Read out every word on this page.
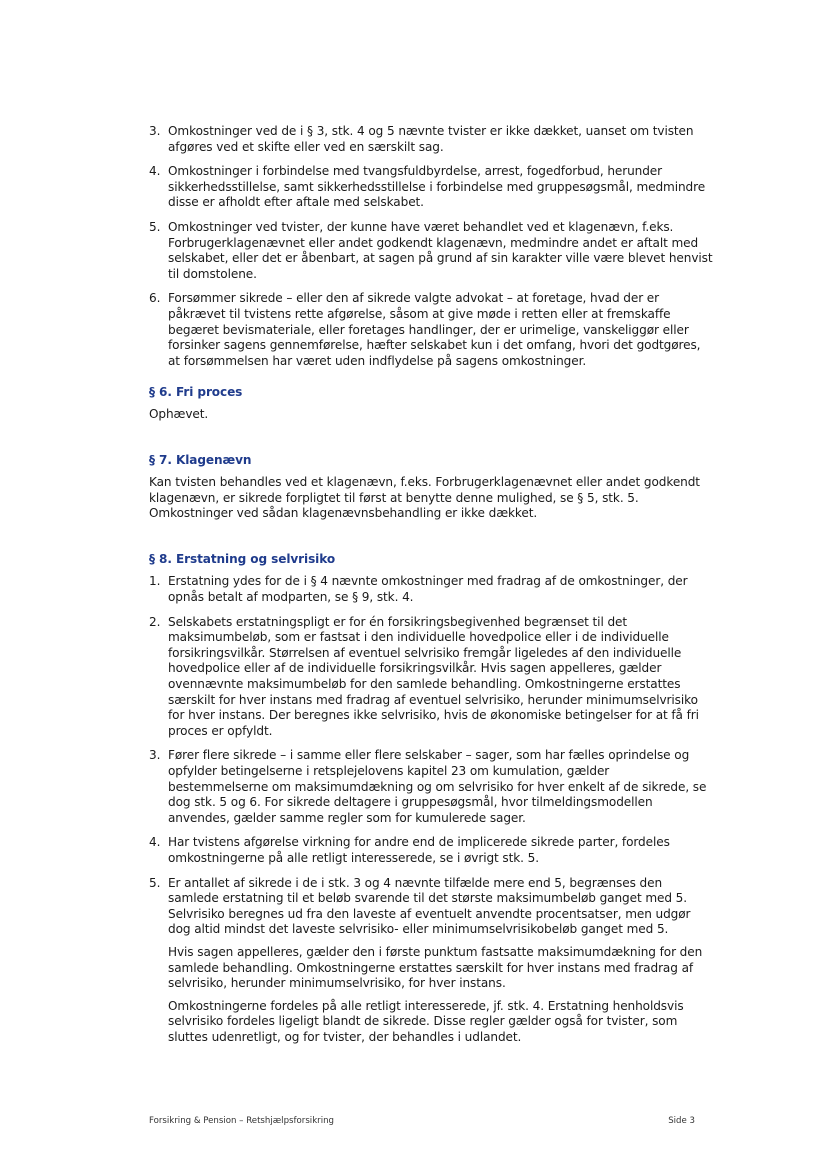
3. Omkostninger ved de i § 3, stk. 4 og 5 nævnte tvister er ikke dækket, uanset om tvisten afgøres ved et skifte eller ved en særskilt sag.

4. Omkostninger i forbindelse med tvangsfuldbyrdelse, arrest, fogedforbud, herunder sikkerhedsstillelse, samt sikkerhedsstillelse i forbindelse med gruppesøgsmål, medmindre disse er afholdt efter aftale med selskabet.

5. Omkostninger ved tvister, der kunne have været behandlet ved et klagenævn, f.eks. Forbrugerklagenævnet eller andet godkendt klagenævn, medmindre andet er aftalt med selskabet, eller det er åbenbart, at sagen på grund af sin karakter ville være blevet henvist til domstolene.

6. Forsømmer sikrede – eller den af sikrede valgte advokat – at foretage, hvad der er påkrævet til tvistens rette afgørelse, såsom at give møde i retten eller at fremskaffe begæret bevismateriale, eller foretages handlinger, der er urimelige, vanskeliggør eller forsinker sagens gennemførelse, hæfter selskabet kun i det omfang, hvori det godtgøres, at forsømmelsen har været uden indflydelse på sagens omkostninger.

§ 6. Fri proces

Ophævet.

§ 7. Klagenævn

Kan tvisten behandles ved et klagenævn, f.eks. Forbrugerklagenævnet eller andet godkendt klagenævn, er sikrede forpligtet til først at benytte denne mulighed, se § 5, stk. 5. Omkostninger ved sådan klagenævnsbehandling er ikke dækket.

§ 8. Erstatning og selvrisiko
1. Erstatning ydes for de i § 4 nævnte omkostninger med fradrag af de omkostninger, der opnås betalt af modparten, se § 9, stk. 4.

2. Selskabets erstatningspligt er for én forsikringsbegivenhed begrænset til det maksimumbeløb, som er fastsat i den individuelle hovedpolice eller i de individuelle forsikringsvilkår. Størrelsen af eventuel selvrisiko fremgår ligeledes af den individuelle hovedpolice eller af de individuelle forsikringsvilkår. Hvis sagen appelleres, gælder ovennævnte maksimumbeløb for den samlede behandling. Omkostningerne erstattes særskilt for hver instans med fradrag af eventuel selvrisiko, herunder minimumselvrisiko for hver instans. Der beregnes ikke selvrisiko, hvis de økonomiske betingelser for at få fri proces er opfyldt.

3. Fører flere sikrede – i samme eller flere selskaber – sager, som har fælles oprindelse og opfylder betingelserne i retsplejelovens kapitel 23 om kumulation, gælder bestemmelserne om maksimumdækning og om selvrisiko for hver enkelt af de sikrede, se dog stk. 5 og 6. For sikrede deltagere i gruppesøgsmål, hvor tilmeldingsmodellen anvendes, gælder samme regler som for kumulerede sager.

4. Har tvistens afgørelse virkning for andre end de implicerede sikrede parter, fordeles omkostningerne på alle retligt interesserede, se i øvrigt stk. 5.

5. Er antallet af sikrede i de i stk. 3 og 4 nævnte tilfælde mere end 5, begrænses den samlede erstatning til et beløb svarende til det største maksimumbeløb ganget med 5. Selvrisiko beregnes ud fra den laveste af eventuelt anvendte procentsatser, men udgør dog altid mindst det laveste selvrisiko- eller minimumselvrisikobeløb ganget med 5.

Hvis sagen appelleres, gælder den i første punktum fastsatte maksimumdækning for den samlede behandling. Omkostningerne erstattes særskilt for hver instans med fradrag af selvrisiko, herunder minimumselvrisiko, for hver instans.

Omkostningerne fordeles på alle retligt interesserede, jf. stk. 4. Erstatning henholdsvis selvrisiko fordeles ligeligt blandt de sikrede. Disse regler gælder også for tvister, som sluttes udenretligt, og for tvister, der behandles i udlandet.

Forsikring & Pension – Retshjælpsforsikring	Side 3
